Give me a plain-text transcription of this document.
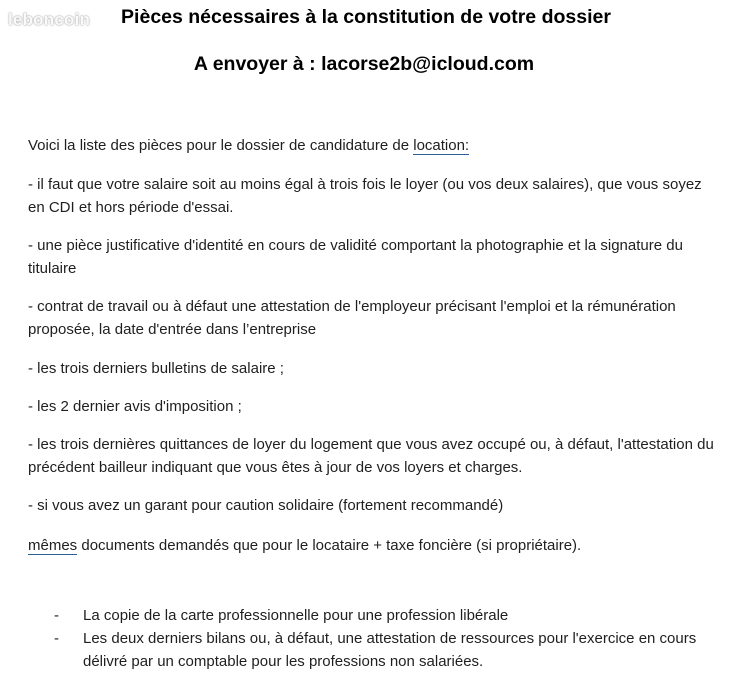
leboncoin	Pièces nécessaires à la constitution de votre dossier
A envoyer à : lacorse2b@icloud.com
Voici la liste des pièces pour le dossier de candidature de location:
- il faut que votre salaire soit au moins égal à trois fois le loyer (ou vos deux salaires), que vous soyez en CDI et hors période d'essai.
- une pièce justificative d'identité en cours de validité comportant la photographie et la signature du titulaire
- contrat de travail ou à défaut une attestation de l'employeur précisant l'emploi et la rémunération proposée, la date d'entrée dans l’entreprise
- les trois derniers bulletins de salaire ;
- les 2 dernier avis d'imposition ;
- les trois dernières quittances de loyer du logement que vous avez occupé ou, à défaut, l'attestation du précédent bailleur indiquant que vous êtes à jour de vos loyers et charges.
- si vous avez un garant pour caution solidaire (fortement recommandé)
mêmes documents demandés que pour le locataire + taxe foncière (si propriétaire).
- La copie de la carte professionnelle pour une profession libérale
- Les deux derniers bilans ou, à défaut, une attestation de ressources pour l'exercice en cours délivré par un comptable pour les professions non salariées.
